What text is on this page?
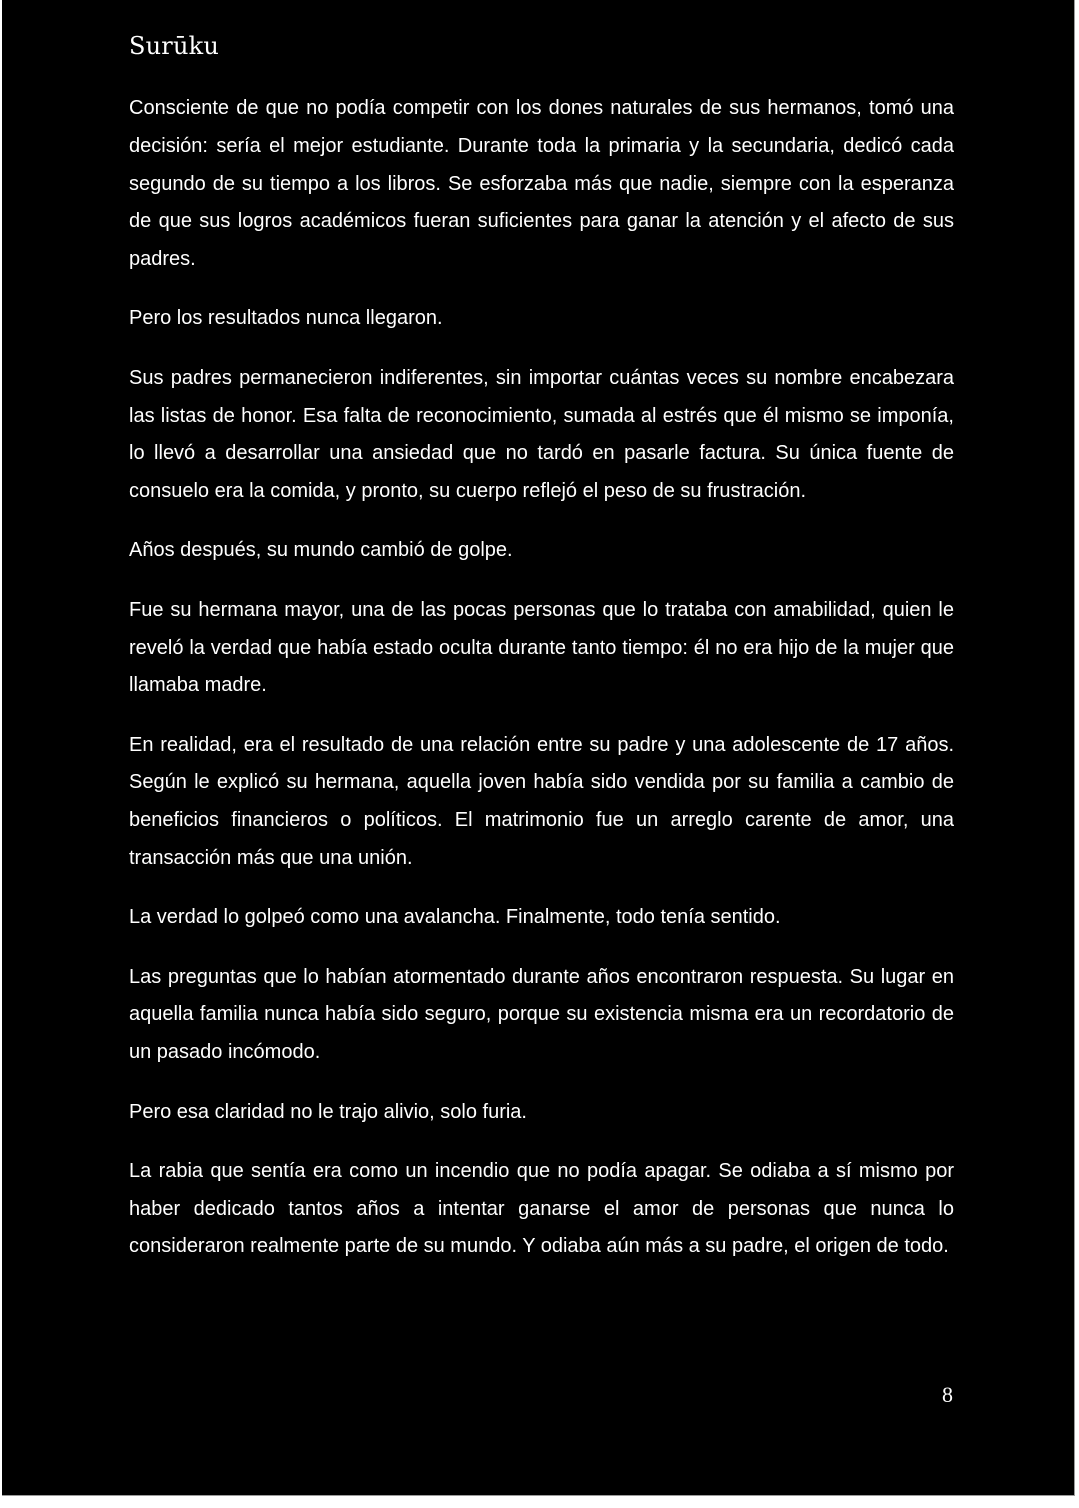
Surūku

Consciente de que no podía competir con los dones naturales de sus hermanos, tomó una decisión: sería el mejor estudiante. Durante toda la primaria y la secundaria, dedicó cada segundo de su tiempo a los libros. Se esforzaba más que nadie, siempre con la esperanza de que sus logros académicos fueran suficientes para ganar la atención y el afecto de sus padres.

Pero los resultados nunca llegaron.

Sus padres permanecieron indiferentes, sin importar cuántas veces su nombre encabezara las listas de honor. Esa falta de reconocimiento, sumada al estrés que él mismo se imponía, lo llevó a desarrollar una ansiedad que no tardó en pasarle factura. Su única fuente de consuelo era la comida, y pronto, su cuerpo reflejó el peso de su frustración.

Años después, su mundo cambió de golpe.

Fue su hermana mayor, una de las pocas personas que lo trataba con amabilidad, quien le reveló la verdad que había estado oculta durante tanto tiempo: él no era hijo de la mujer que llamaba madre.

En realidad, era el resultado de una relación entre su padre y una adolescente de 17 años. Según le explicó su hermana, aquella joven había sido vendida por su familia a cambio de beneficios financieros o políticos. El matrimonio fue un arreglo carente de amor, una transacción más que una unión.

La verdad lo golpeó como una avalancha. Finalmente, todo tenía sentido.

Las preguntas que lo habían atormentado durante años encontraron respuesta. Su lugar en aquella familia nunca había sido seguro, porque su existencia misma era un recordatorio de un pasado incómodo.

Pero esa claridad no le trajo alivio, solo furia.

La rabia que sentía era como un incendio que no podía apagar. Se odiaba a sí mismo por haber dedicado tantos años a intentar ganarse el amor de personas que nunca lo consideraron realmente parte de su mundo. Y odiaba aún más a su padre, el origen de todo.

8
